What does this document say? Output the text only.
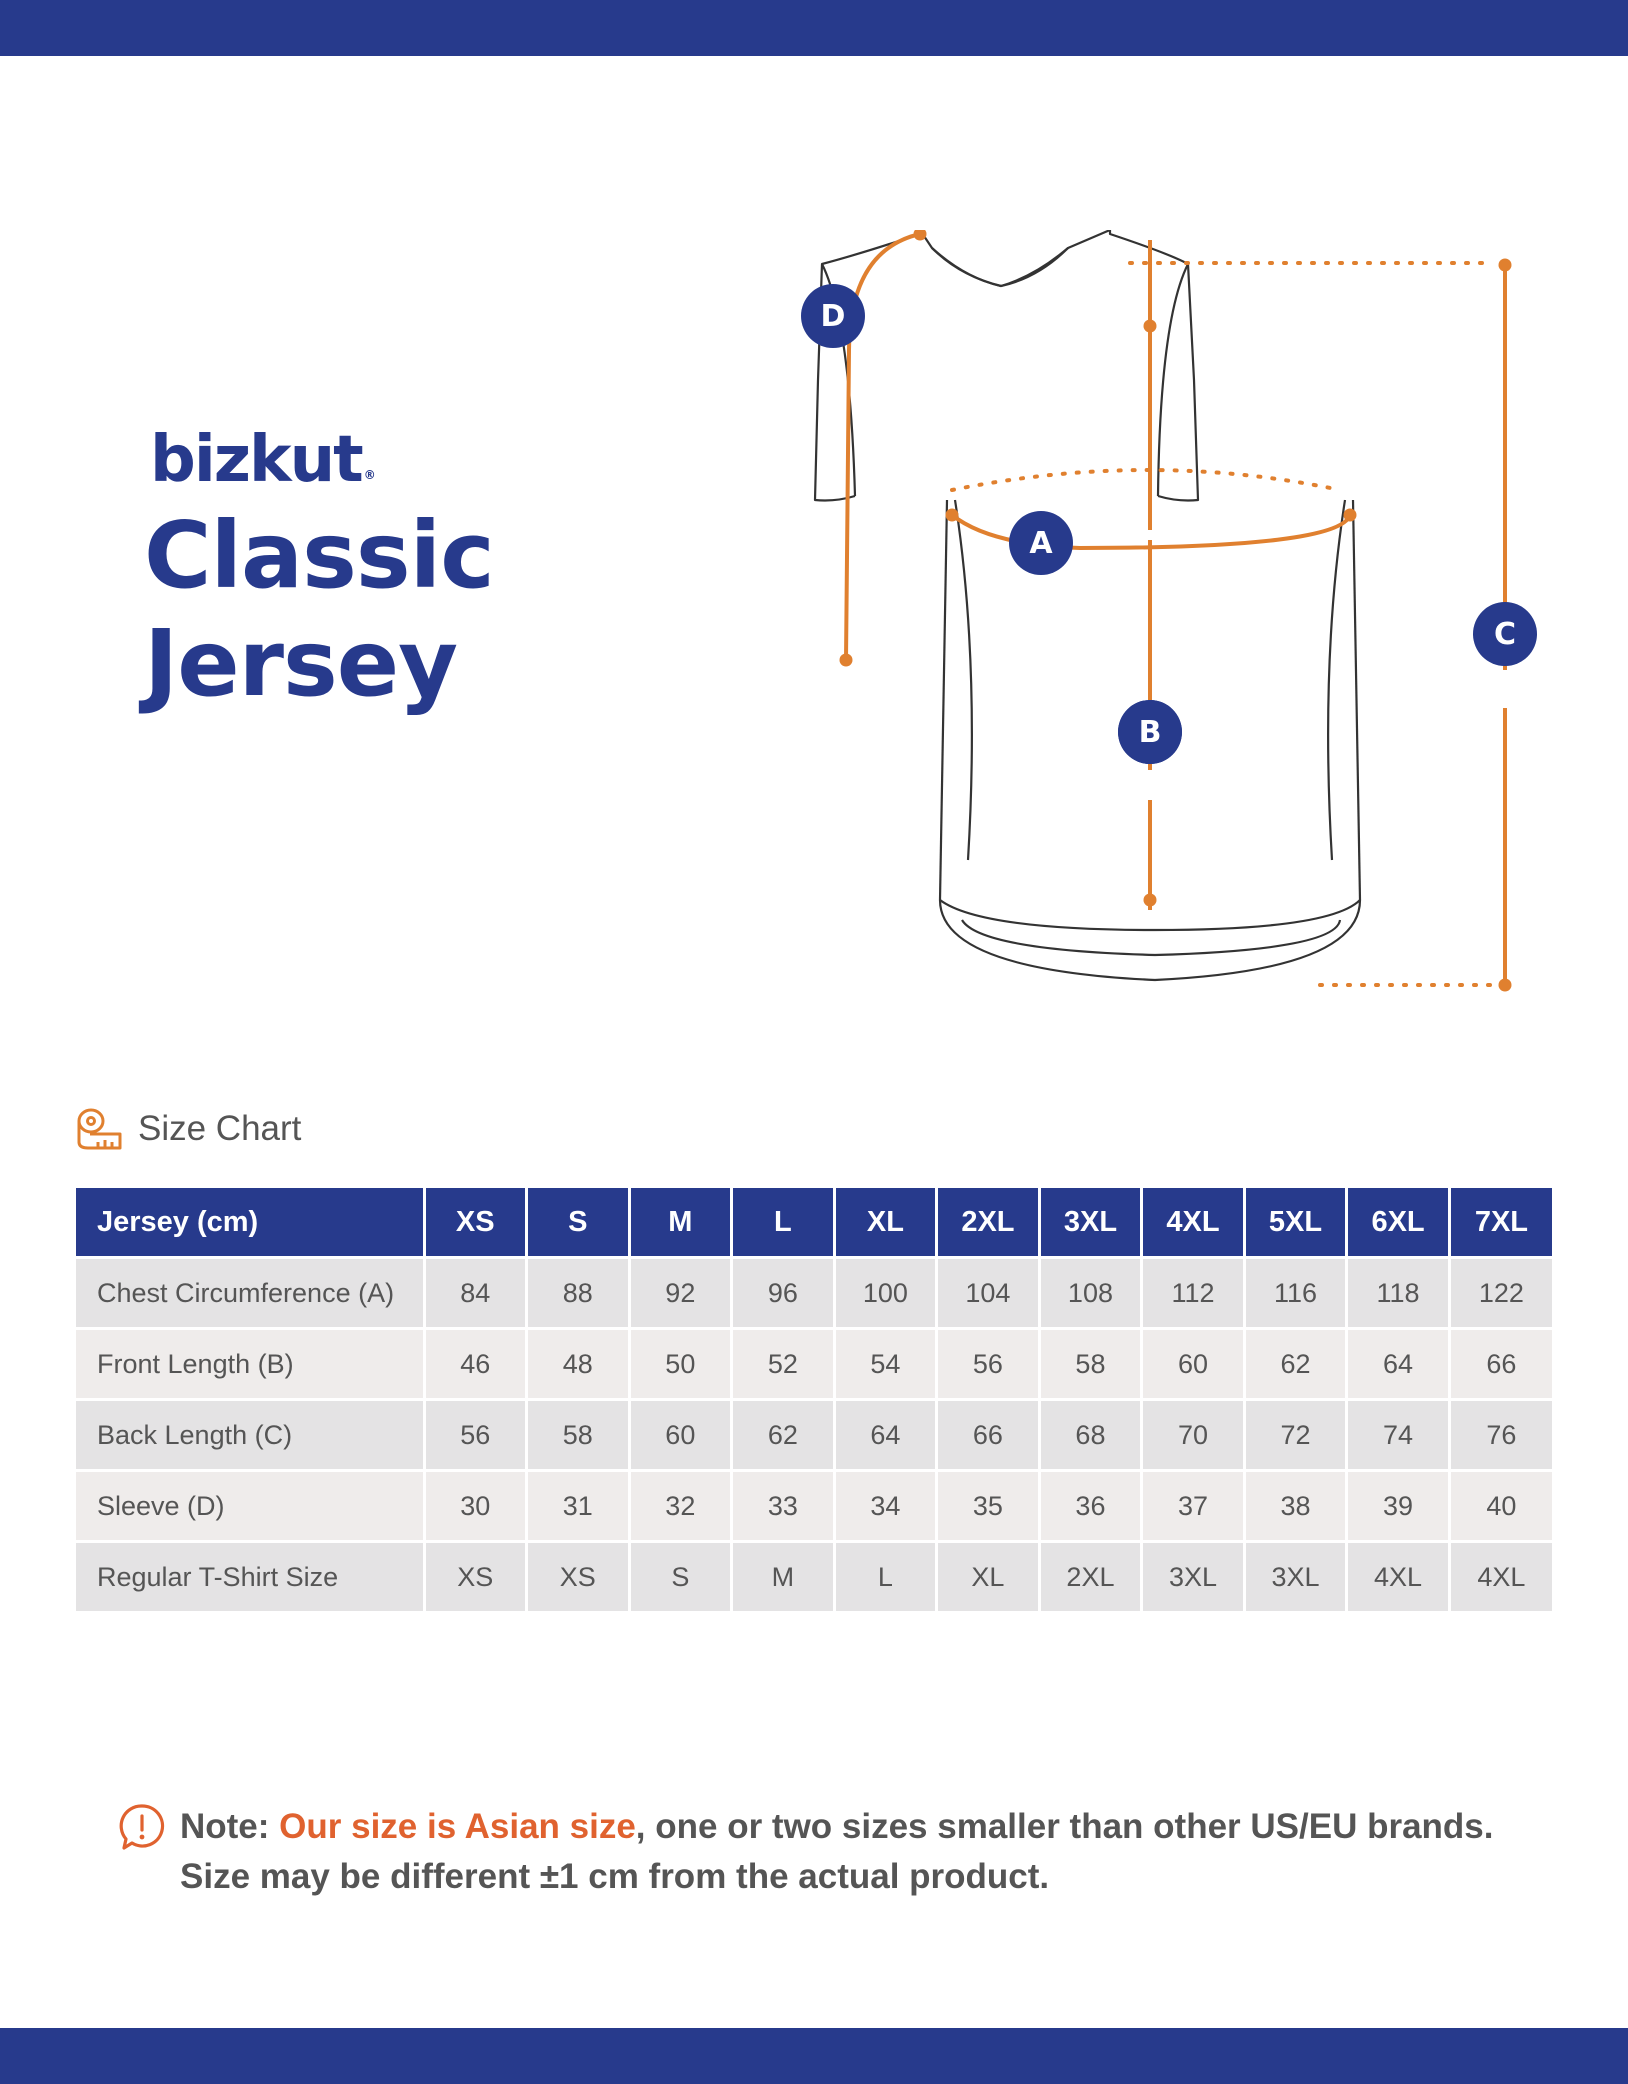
bizkut ®
Classic
Jersey
D
A
B
C
Size Chart
Jersey (cm)	XS	S	M	L	XL	2XL	3XL	4XL	5XL	6XL	7XL
Chest Circumference (A)	84	88	92	96	100	104	108	112	116	118	122
Front Length (B)	46	48	50	52	54	56	58	60	62	64	66
Back Length (C)	56	58	60	62	64	66	68	70	72	74	76
Sleeve (D)	30	31	32	33	34	35	36	37	38	39	40
Regular T-Shirt Size	XS	XS	S	M	L	XL	2XL	3XL	3XL	4XL	4XL
Note: Our size is Asian size, one or two sizes smaller than other US/EU brands.
Size may be different ±1 cm from the actual product.
